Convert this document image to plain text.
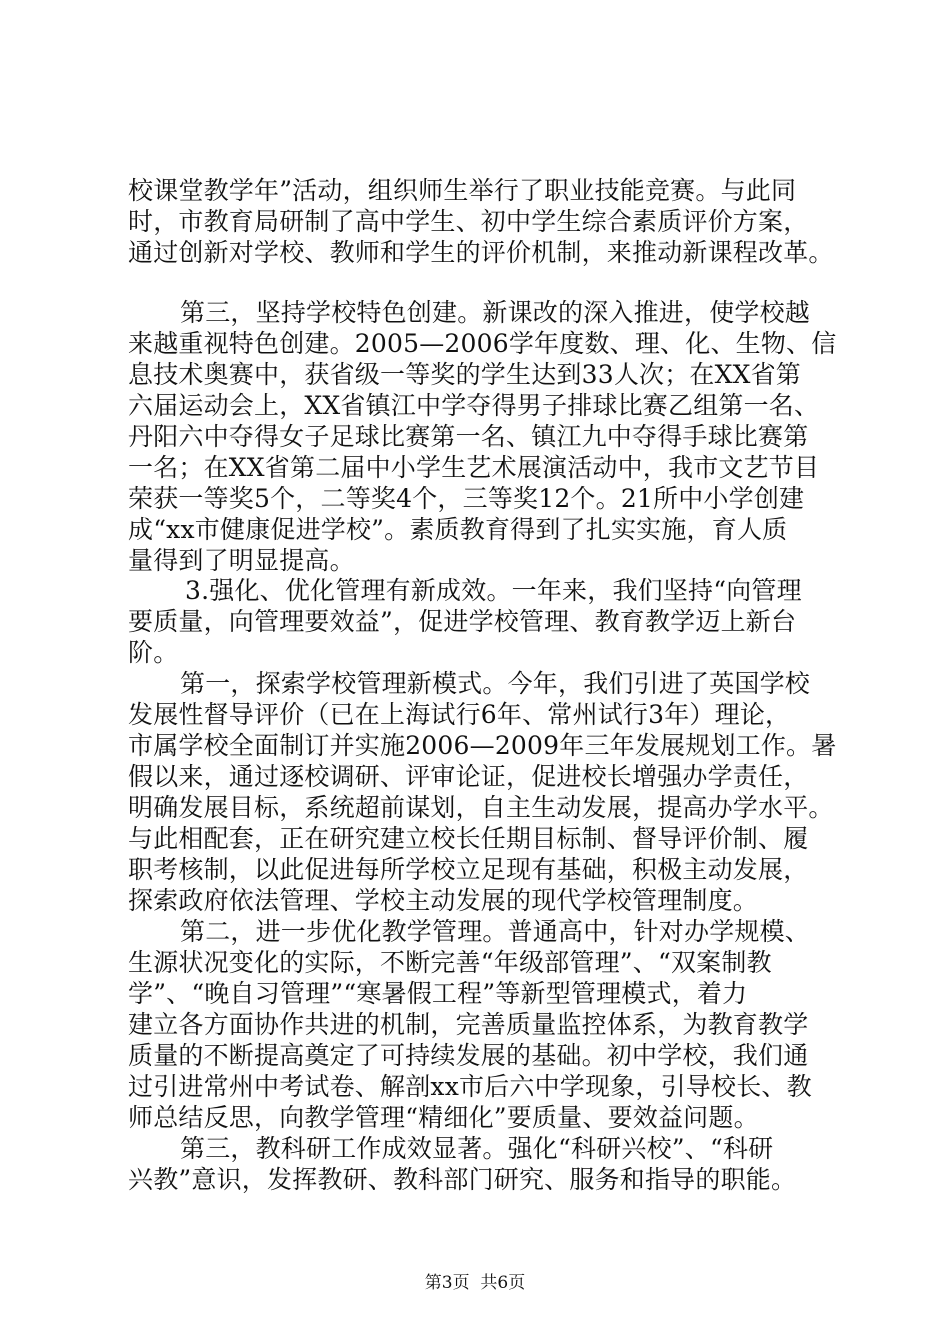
校课堂教学年”活动，组织师生举行了职业技能竞赛。与此同
时，市教育局研制了高中学生、初中学生综合素质评价方案，
通过创新对学校、教师和学生的评价机制，来推动新课程改革。
第三，坚持学校特色创建。新课改的深入推进，使学校越
来越重视特色创建。2005—2006学年度数、理、化、生物、信
息技术奥赛中，获省级一等奖的学生达到33人次；在XX省第
六届运动会上，XX省镇江中学夺得男子排球比赛乙组第一名、
丹阳六中夺得女子足球比赛第一名、镇江九中夺得手球比赛第
一名；在XX省第二届中小学生艺术展演活动中，我市文艺节目
荣获一等奖5个，二等奖4个，三等奖12个。21所中小学创建
成“xx市健康促进学校”。素质教育得到了扎实实施，育人质
量得到了明显提高。
3.强化、优化管理有新成效。一年来，我们坚持“向管理
要质量，向管理要效益”，促进学校管理、教育教学迈上新台
阶。
第一，探索学校管理新模式。今年，我们引进了英国学校
发展性督导评价（已在上海试行6年、常州试行3年）理论，
市属学校全面制订并实施2006—2009年三年发展规划工作。暑
假以来，通过逐校调研、评审论证，促进校长增强办学责任，
明确发展目标，系统超前谋划，自主生动发展，提高办学水平。
与此相配套，正在研究建立校长任期目标制、督导评价制、履
职考核制，以此促进每所学校立足现有基础，积极主动发展，
探索政府依法管理、学校主动发展的现代学校管理制度。
第二，进一步优化教学管理。普通高中，针对办学规模、
生源状况变化的实际，不断完善“年级部管理”、“双案制教
学”、“晚自习管理”“寒暑假工程”等新型管理模式，着力
建立各方面协作共进的机制，完善质量监控体系，为教育教学
质量的不断提高奠定了可持续发展的基础。初中学校，我们通
过引进常州中考试卷、解剖xx市后六中学现象，引导校长、教
师总结反思，向教学管理“精细化”要质量、要效益问题。
第三，教科研工作成效显著。强化“科研兴校”、“科研
兴教”意识，发挥教研、教科部门研究、服务和指导的职能。
第3页  共6页
